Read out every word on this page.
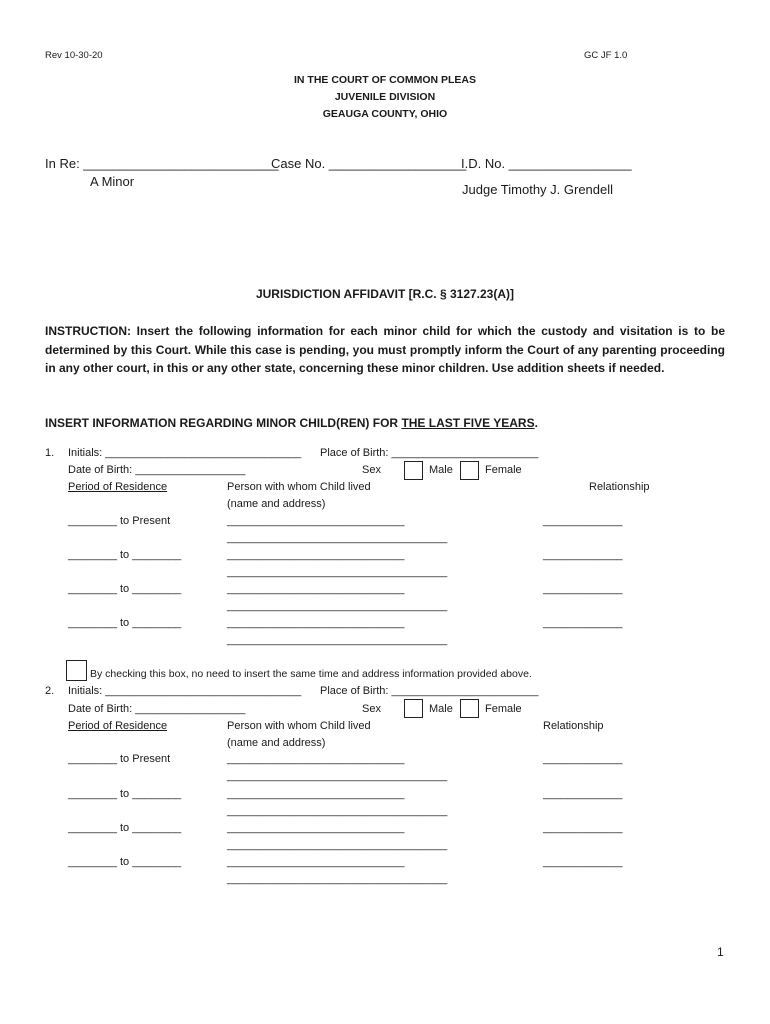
Rev 10-30-20	GC JF 1.0
IN THE COURT OF COMMON PLEAS
JUVENILE DIVISION
GEAUGA COUNTY, OHIO
In Re: ___________________________
Case No. ___________________
I.D. No. _________________
A Minor
Judge Timothy J. Grendell
JURISDICTION AFFIDAVIT [R.C. § 3127.23(A)]
INSTRUCTION: Insert the following information for each minor child for which the custody and visitation is to be determined by this Court. While this case is pending, you must promptly inform the Court of any parenting proceeding in any other court, in this or any other state, concerning these minor children. Use addition sheets if needed.
INSERT INFORMATION REGARDING MINOR CHILD(REN) FOR THE LAST FIVE YEARS.
1. Initials: ________________________________ Place of Birth: ________________________
Date of Birth: __________________	Sex	Male	Female
Period of Residence	Person with whom Child lived	Relationship
(name and address)
________ to Present	_____________________________	_____________
____________________________________
________ to ________	_____________________________	_____________
____________________________________
________ to ________	_____________________________	_____________
____________________________________
________ to ________	_____________________________	_____________
____________________________________
By checking this box, no need to insert the same time and address information provided above.
2. Initials: ________________________________ Place of Birth: ________________________
Date of Birth: __________________	Sex	Male	Female
Period of Residence	Person with whom Child lived	Relationship
(name and address)
________ to Present	_____________________________	_____________
____________________________________
________ to ________	_____________________________	_____________
____________________________________
________ to ________	_____________________________	_____________
____________________________________
________ to ________	_____________________________	_____________
____________________________________
1
